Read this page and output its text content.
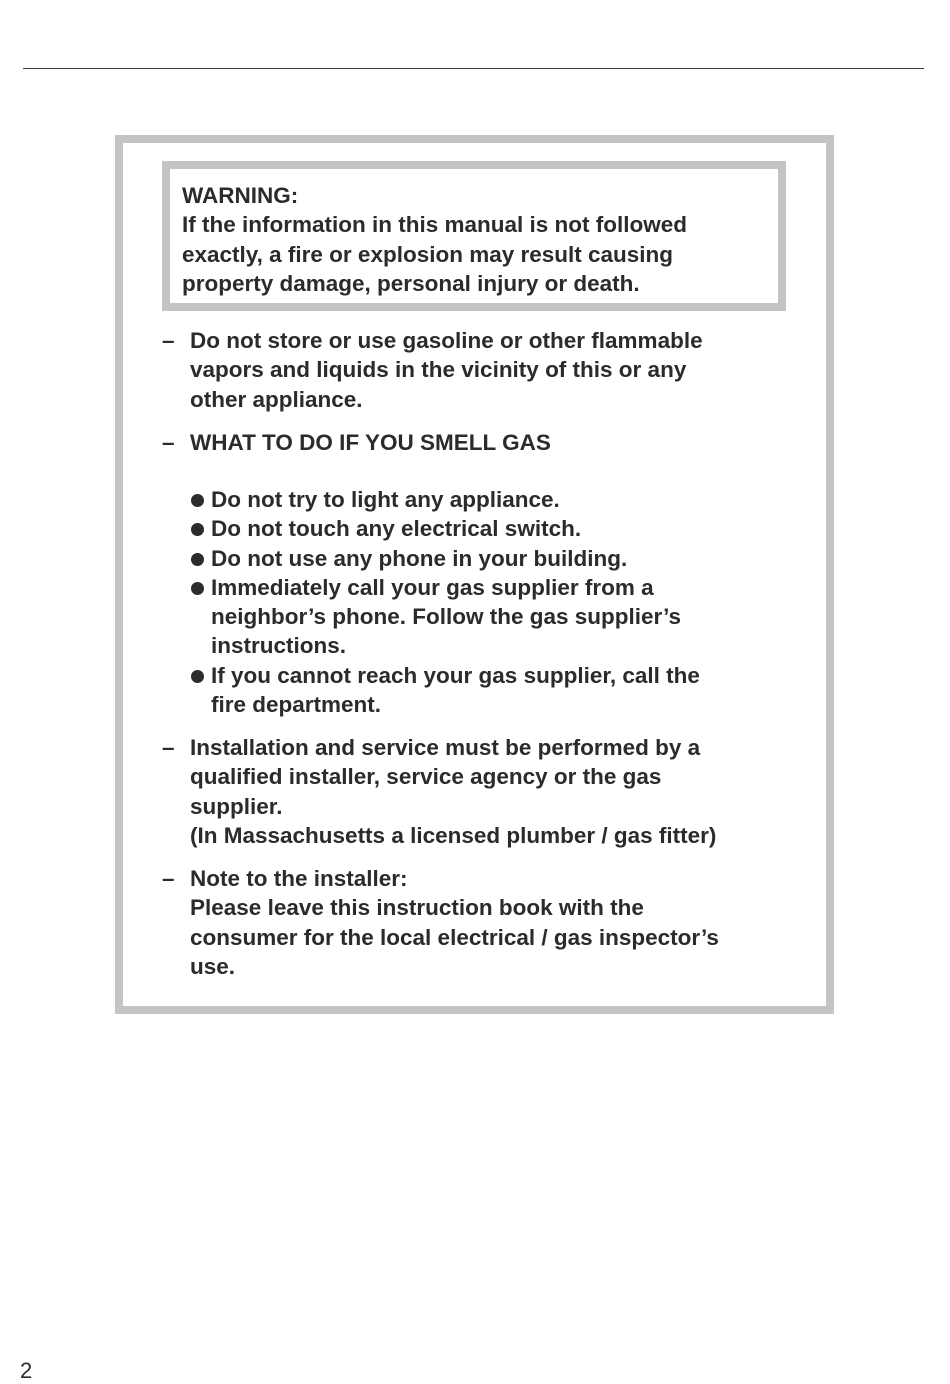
WARNING:
If the information in this manual is not followed
exactly, a fire or explosion may result causing
property damage, personal injury or death.
– Do not store or use gasoline or other flammable
vapors and liquids in the vicinity of this or any
other appliance.
– WHAT TO DO IF YOU SMELL GAS
Do not try to light any appliance.
Do not touch any electrical switch.
Do not use any phone in your building.
Immediately call your gas supplier from a
neighbor’s phone. Follow the gas supplier’s
instructions.
If you cannot reach your gas supplier, call the
fire department.
– Installation and service must be performed by a
qualified installer, service agency or the gas
supplier.
(In Massachusetts a licensed plumber / gas fitter)
– Note to the installer:
Please leave this instruction book with the
consumer for the local electrical / gas inspector’s
use.
2
